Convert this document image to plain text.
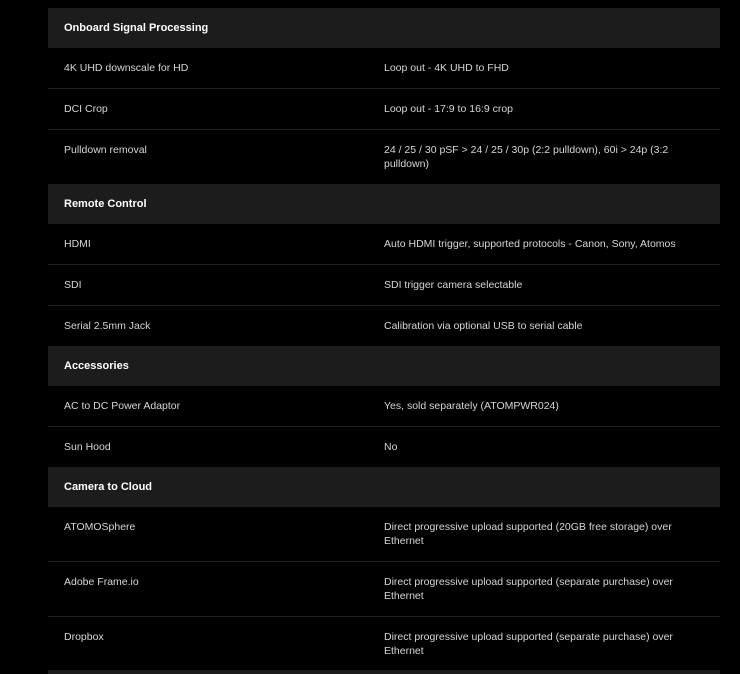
Onboard Signal Processing
4K UHD downscale for HD	Loop out - 4K UHD to FHD
DCI Crop	Loop out - 17:9 to 16:9 crop
Pulldown removal	24 / 25 / 30 pSF > 24 / 25 / 30p (2:2 pulldown), 60i > 24p (3:2 pulldown)
Remote Control
HDMI	Auto HDMI trigger, supported protocols - Canon, Sony, Atomos
SDI	SDI trigger camera selectable
Serial 2.5mm Jack	Calibration via optional USB to serial cable
Accessories
AC to DC Power Adaptor	Yes, sold separately (ATOMPWR024)
Sun Hood	No
Camera to Cloud
ATOMOSphere	Direct progressive upload supported (20GB free storage) over Ethernet
Adobe Frame.io	Direct progressive upload supported (separate purchase) over Ethernet
Dropbox	Direct progressive upload supported (separate purchase) over Ethernet
